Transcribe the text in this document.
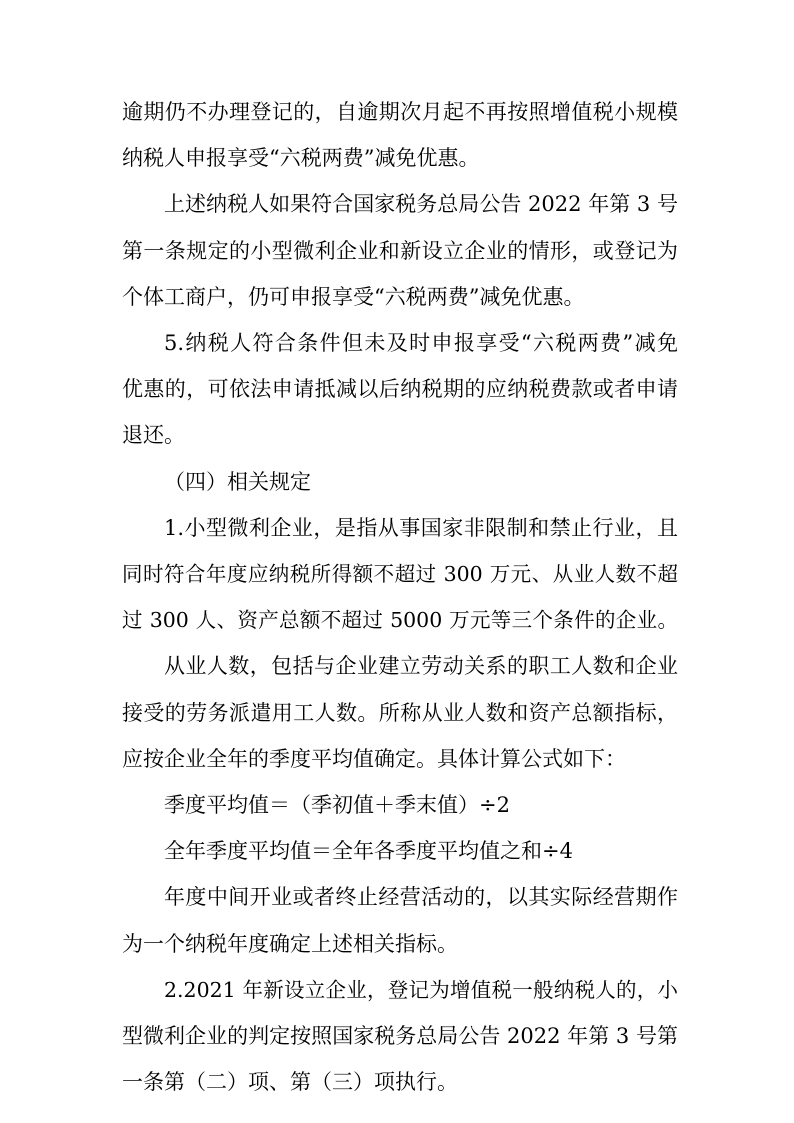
逾期仍不办理登记的，自逾期次月起不再按照增值税小规模
纳税人申报享受“六税两费”减免优惠。
上述纳税人如果符合国家税务总局公告 2022 年第 3 号
第一条规定的小型微利企业和新设立企业的情形，或登记为
个体工商户，仍可申报享受“六税两费”减免优惠。
5.纳税人符合条件但未及时申报享受“六税两费”减免
优惠的，可依法申请抵减以后纳税期的应纳税费款或者申请
退还。
（四）相关规定
1.小型微利企业，是指从事国家非限制和禁止行业，且
同时符合年度应纳税所得额不超过 300 万元、从业人数不超
过 300 人、资产总额不超过 5000 万元等三个条件的企业。
从业人数，包括与企业建立劳动关系的职工人数和企业
接受的劳务派遣用工人数。所称从业人数和资产总额指标，
应按企业全年的季度平均值确定。具体计算公式如下：
季度平均值＝（季初值＋季末值）÷2
全年季度平均值＝全年各季度平均值之和÷4
年度中间开业或者终止经营活动的，以其实际经营期作
为一个纳税年度确定上述相关指标。
2.2021 年新设立企业，登记为增值税一般纳税人的，小
型微利企业的判定按照国家税务总局公告 2022 年第 3 号第
一条第（二）项、第（三）项执行。
